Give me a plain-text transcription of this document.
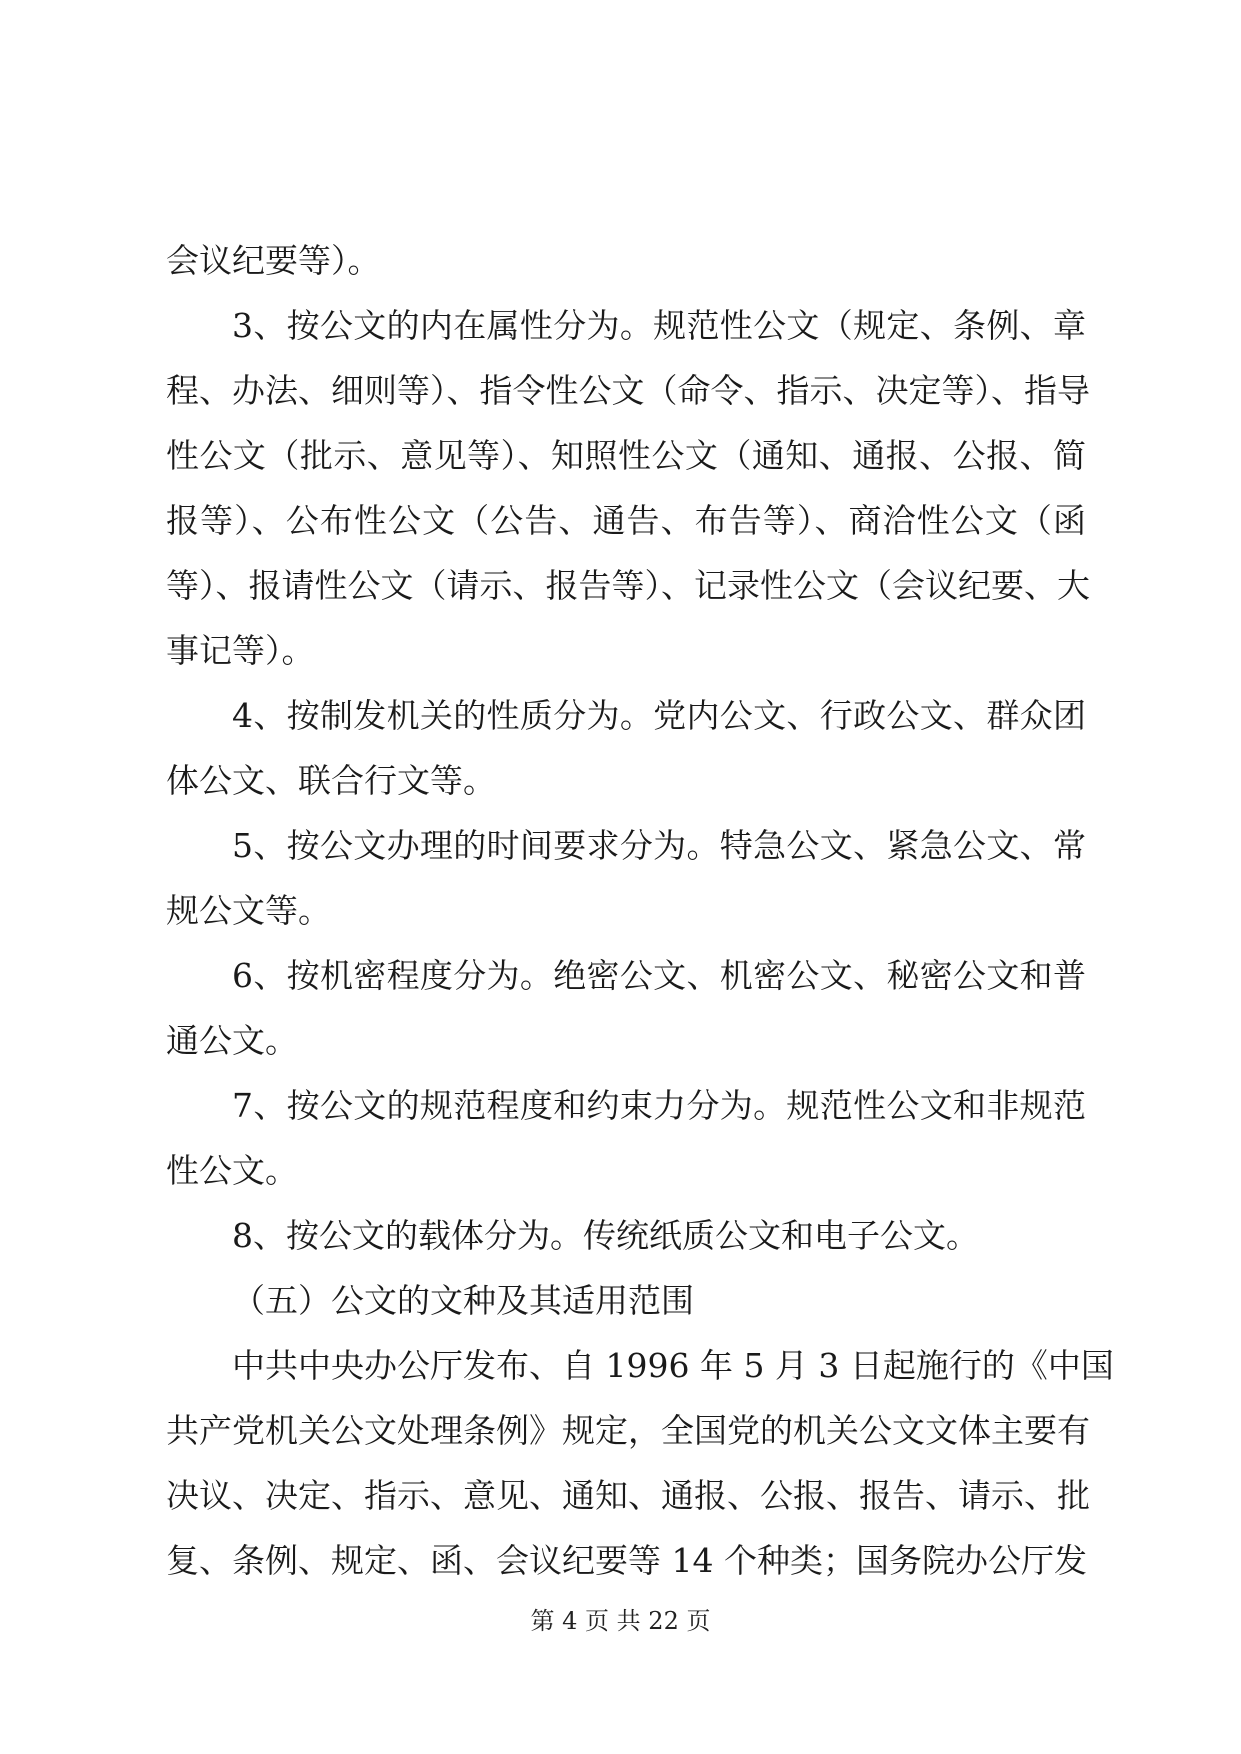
会议纪要等）。
3、按公文的内在属性分为。规范性公文（规定、条例、章
程、办法、细则等）、指令性公文（命令、指示、决定等）、指导
性公文（批示、意见等）、知照性公文（通知、通报、公报、简
报等）、公布性公文（公告、通告、布告等）、商洽性公文（函
等）、报请性公文（请示、报告等）、记录性公文（会议纪要、大
事记等）。
4、按制发机关的性质分为。党内公文、行政公文、群众团
体公文、联合行文等。
5、按公文办理的时间要求分为。特急公文、紧急公文、常
规公文等。
6、按机密程度分为。绝密公文、机密公文、秘密公文和普
通公文。
7、按公文的规范程度和约束力分为。规范性公文和非规范
性公文。
8、按公文的载体分为。传统纸质公文和电子公文。
（五）公文的文种及其适用范围
中共中央办公厅发布、自 1996 年 5 月 3 日起施行的《中国
共产党机关公文处理条例》规定，全国党的机关公文文体主要有
决议、决定、指示、意见、通知、通报、公报、报告、请示、批
复、条例、规定、函、会议纪要等 14 个种类；国务院办公厅发
第 4 页 共 22 页
